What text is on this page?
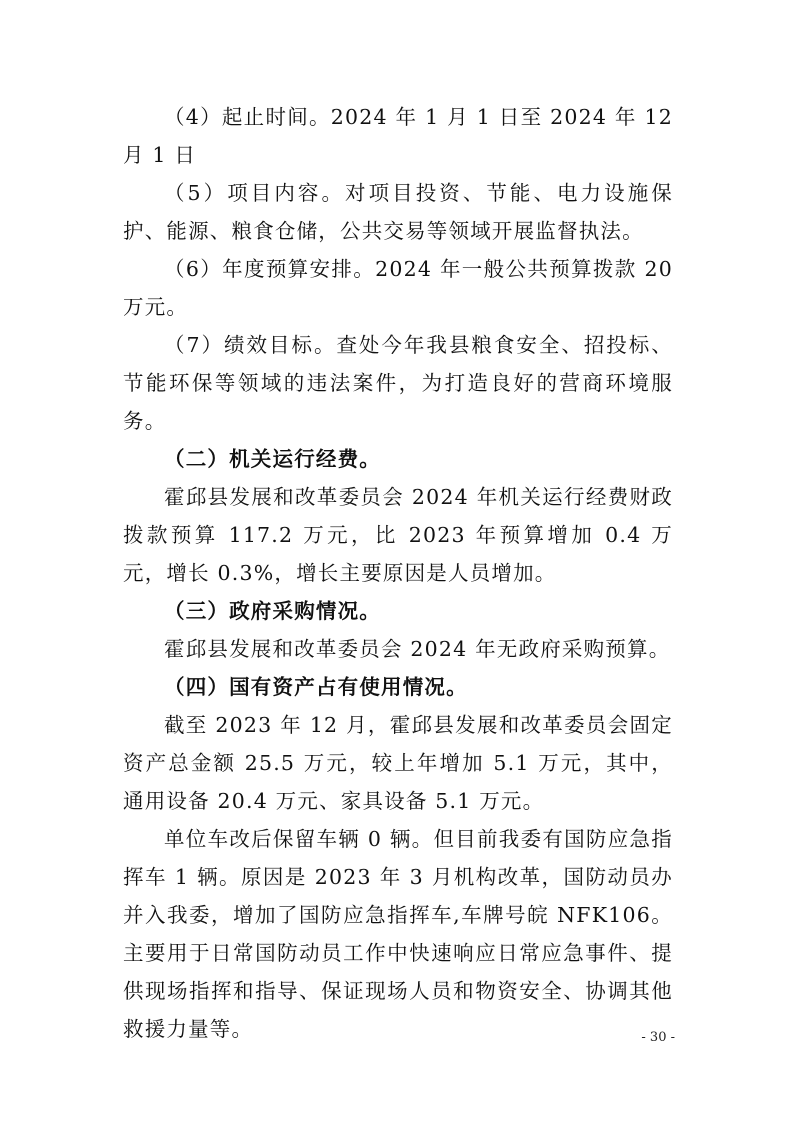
（4）起止时间。2024 年 1 月 1 日至 2024 年 12 月 1 日

（5）项目内容。对项目投资、节能、电力设施保护、能源、粮食仓储，公共交易等领域开展监督执法。

（6）年度预算安排。2024 年一般公共预算拨款 20 万元。

（7）绩效目标。查处今年我县粮食安全、招投标、节能环保等领域的违法案件，为打造良好的营商环境服务。

（二）机关运行经费。

霍邱县发展和改革委员会 2024 年机关运行经费财政拨款预算 117.2 万元，比 2023 年预算增加 0.4 万元，增长 0.3%，增长主要原因是人员增加。

（三）政府采购情况。

霍邱县发展和改革委员会 2024 年无政府采购预算。

（四）国有资产占有使用情况。

截至 2023 年 12 月，霍邱县发展和改革委员会固定资产总金额 25.5 万元，较上年增加 5.1 万元，其中，通用设备 20.4 万元、家具设备 5.1 万元。

单位车改后保留车辆 0 辆。但目前我委有国防应急指挥车 1 辆。原因是 2023 年 3 月机构改革，国防动员办并入我委，增加了国防应急指挥车,车牌号皖 NFK106。主要用于日常国防动员工作中快速响应日常应急事件、提供现场指挥和指导、保证现场人员和物资安全、协调其他救援力量等。	- 30 -
